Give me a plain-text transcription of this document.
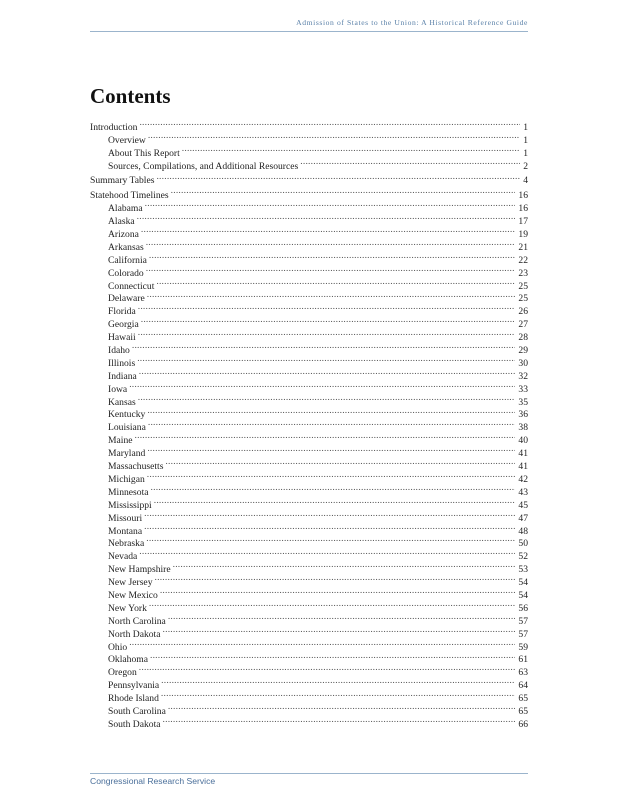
Admission of States to the Union: A Historical Reference Guide
Contents
Introduction .....	1
Overview .....	1
About This Report .....	1
Sources, Compilations, and Additional Resources .....	2
Summary Tables .....	4
Statehood Timelines .....	16
Alabama .....	16
Alaska .....	17
Arizona .....	19
Arkansas .....	21
California .....	22
Colorado .....	23
Connecticut .....	25
Delaware .....	25
Florida .....	26
Georgia .....	27
Hawaii .....	28
Idaho .....	29
Illinois .....	30
Indiana .....	32
Iowa .....	33
Kansas .....	35
Kentucky .....	36
Louisiana .....	38
Maine .....	40
Maryland .....	41
Massachusetts .....	41
Michigan .....	42
Minnesota .....	43
Mississippi .....	45
Missouri .....	47
Montana .....	48
Nebraska .....	50
Nevada .....	52
New Hampshire .....	53
New Jersey .....	54
New Mexico .....	54
New York .....	56
North Carolina .....	57
North Dakota .....	57
Ohio .....	59
Oklahoma .....	61
Oregon .....	63
Pennsylvania .....	64
Rhode Island .....	65
South Carolina .....	65
South Dakota .....	66
Congressional Research Service
